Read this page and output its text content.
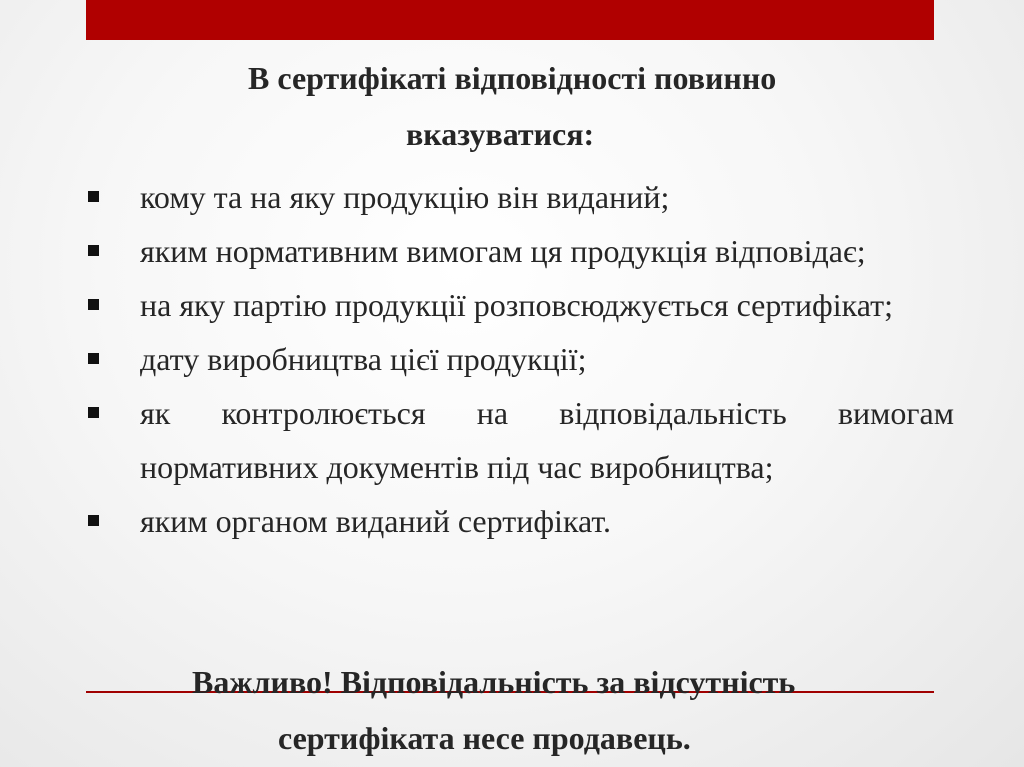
В сертифікаті відповідності повинно
вказуватися:
кому та на яку продукцію він виданий;
яким нормативним вимогам ця продукція відповідає;
на яку партію продукції розповсюджується сертифікат;
дату виробництва цієї продукції;
як контролюється на відповідальність вимогам нормативних документів під час виробництва;
яким органом виданий сертифікат.
Важливо! Відповідальність за відсутність
сертифіката несе продавець.
